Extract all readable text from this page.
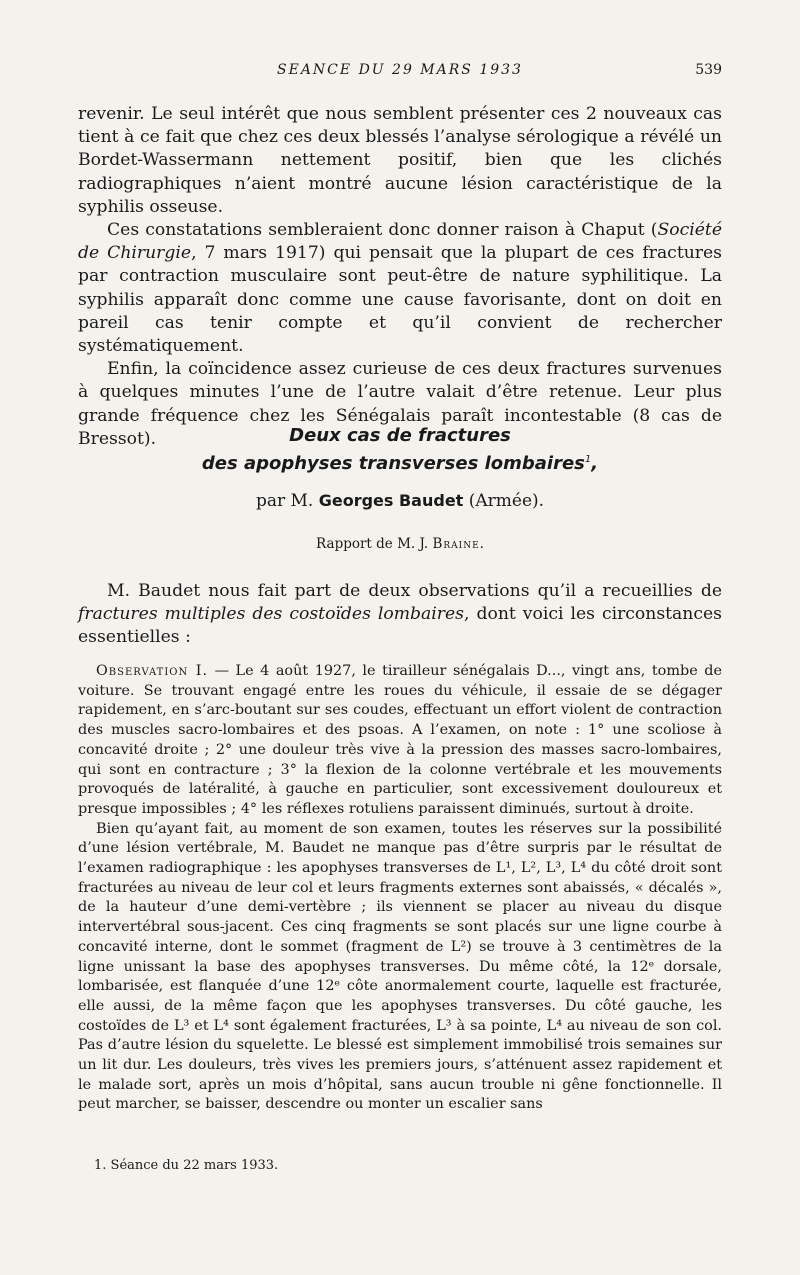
SEANCE DU 29 MARS 1933	539

revenir. Le seul intérêt que nous semblent présenter ces 2 nouveaux cas tient à ce fait que chez ces deux blessés l’analyse sérologique a révélé un Bordet-Wassermann nettement positif, bien que les clichés radiographiques n’aient montré aucune lésion caractéristique de la syphilis osseuse.

Ces constatations sembleraient donc donner raison à Chaput (Société de Chirurgie, 7 mars 1917) qui pensait que la plupart de ces fractures par contraction musculaire sont peut-être de nature syphilitique. La syphilis apparaît donc comme une cause favorisante, dont on doit en pareil cas tenir compte et qu’il convient de rechercher systématiquement.

Enfin, la coïncidence assez curieuse de ces deux fractures survenues à quelques minutes l’une de l’autre valait d’être retenue. Leur plus grande fréquence chez les Sénégalais paraît incontestable (8 cas de Bressot).	Deux cas de fractures
des apophyses transverses lombaires$^1$,
par M. Georges Baudet (Armée).
Rapport de M. J. Braine.

M. Baudet nous fait part de deux observations qu’il a recueillies de fractures multiples des costoïdes lombaires, dont voici les circonstances essentielles :

Observation I. — Le 4 août 1927, le tirailleur sénégalais D..., vingt ans, tombe de voiture. Se trouvant engagé entre les roues du véhicule, il essaie de se dégager rapidement, en s’arc-boutant sur ses coudes, effectuant un effort violent de contraction des muscles sacro-lombaires et des psoas. A l’examen, on note : 1° une scoliose à concavité droite ; 2° une douleur très vive à la pression des masses sacro-lombaires, qui sont en contracture ; 3° la flexion de la colonne vertébrale et les mouvements provoqués de latéralité, à gauche en particulier, sont excessivement douloureux et presque impossibles ; 4° les réflexes rotuliens paraissent diminués, surtout à droite.

Bien qu’ayant fait, au moment de son examen, toutes les réserves sur la possibilité d’une lésion vertébrale, M. Baudet ne manque pas d’être surpris par le résultat de l’examen radiographique : les apophyses transverses de L¹, L², L³, L⁴ du côté droit sont fracturées au niveau de leur col et leurs fragments externes sont abaissés, « décalés », de la hauteur d’une demi-vertèbre ; ils viennent se placer au niveau du disque intervertébral sous-jacent. Ces cinq fragments se sont placés sur une ligne courbe à concavité interne, dont le sommet (fragment de L²) se trouve à 3 centimètres de la ligne unissant la base des apophyses transverses. Du même côté, la 12ᵉ dorsale, lombarisée, est flanquée d’une 12ᵉ côte anormalement courte, laquelle est fracturée, elle aussi, de la même façon que les apophyses transverses. Du côté gauche, les costoïdes de L³ et L⁴ sont également fracturées, L³ à sa pointe, L⁴ au niveau de son col. Pas d’autre lésion du squelette. Le blessé est simplement immobilisé trois semaines sur un lit dur. Les douleurs, très vives les premiers jours, s’atténuent assez rapidement et le malade sort, après un mois d’hôpital, sans aucun trouble ni gêne fonctionnelle. Il peut marcher, se baisser, descendre ou monter un escalier sans

1. Séance du 22 mars 1933.
